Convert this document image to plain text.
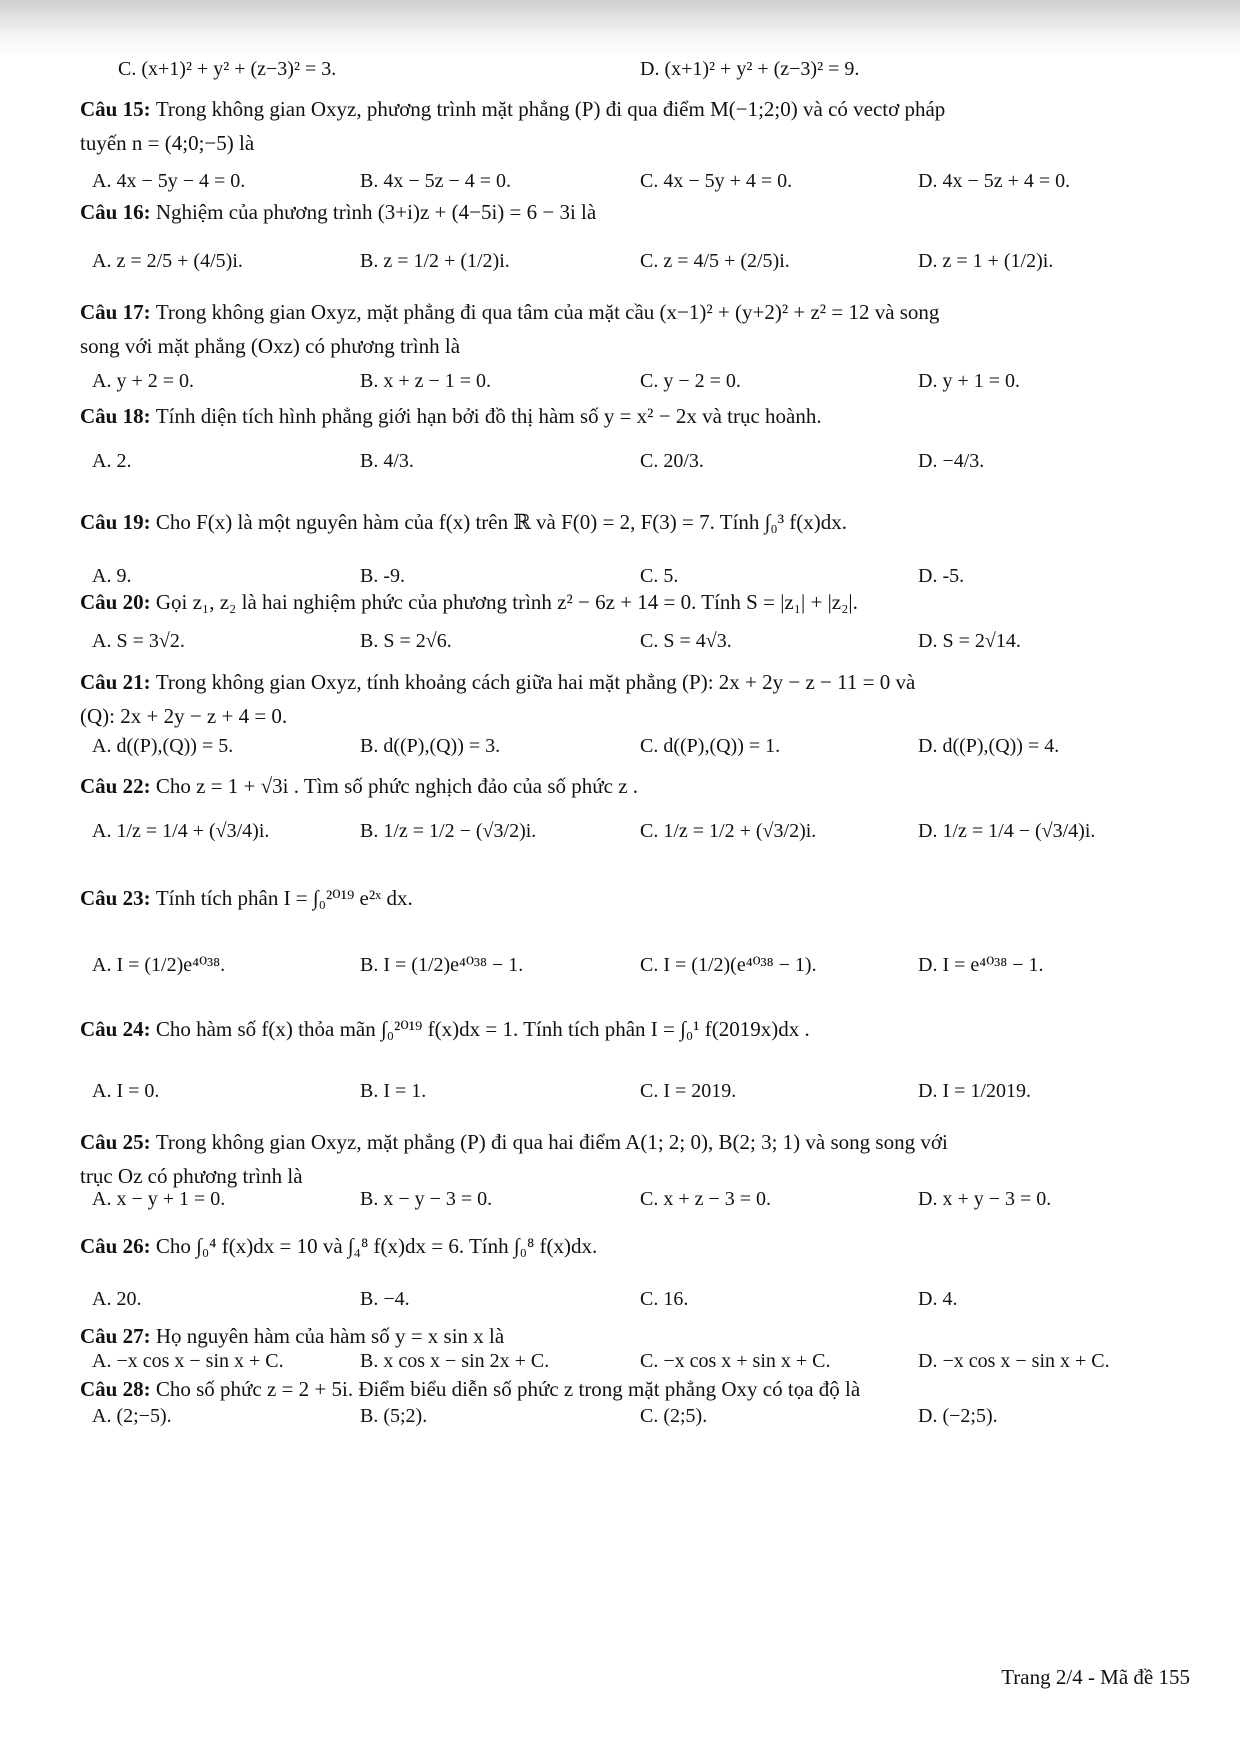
C. (x+1)² + y² + (z−3)² = 3.	D. (x+1)² + y² + (z−3)² = 9.
Câu 15: Trong không gian Oxyz, phương trình mặt phẳng (P) đi qua điểm M(−1;2;0) và có vectơ pháp
tuyến n = (4;0;−5) là
A. 4x − 5y − 4 = 0.	B. 4x − 5z − 4 = 0.	C. 4x − 5y + 4 = 0.	D. 4x − 5z + 4 = 0.
Câu 16: Nghiệm của phương trình (3+i)z + (4−5i) = 6 − 3i là
A. z = 2/5 + (4/5)i.	B. z = 1/2 + (1/2)i.	C. z = 4/5 + (2/5)i.	D. z = 1 + (1/2)i.
Câu 17: Trong không gian Oxyz, mặt phẳng đi qua tâm của mặt cầu (x−1)² + (y+2)² + z² = 12 và song
song với mặt phẳng (Oxz) có phương trình là
A. y + 2 = 0.	B. x + z − 1 = 0.	C. y − 2 = 0.	D. y + 1 = 0.
Câu 18: Tính diện tích hình phẳng giới hạn bởi đồ thị hàm số y = x² − 2x và trục hoành.
A. 2.	B. 4/3.	C. 20/3.	D. −4/3.
Câu 19: Cho F(x) là một nguyên hàm của f(x) trên ℝ và F(0) = 2, F(3) = 7. Tính ∫₀³ f(x)dx.
A. 9.	B. -9.	C. 5.	D. -5.
Câu 20: Gọi z₁, z₂ là hai nghiệm phức của phương trình z² − 6z + 14 = 0. Tính S = |z₁| + |z₂|.
A. S = 3√2.	B. S = 2√6.	C. S = 4√3.	D. S = 2√14.
Câu 21: Trong không gian Oxyz, tính khoảng cách giữa hai mặt phẳng (P): 2x + 2y − z − 11 = 0 và
(Q): 2x + 2y − z + 4 = 0.
A. d((P),(Q)) = 5.	B. d((P),(Q)) = 3.	C. d((P),(Q)) = 1.	D. d((P),(Q)) = 4.
Câu 22: Cho z = 1 + √3i . Tìm số phức nghịch đảo của số phức z .
A. 1/z = 1/4 + (√3/4)i.	B. 1/z = 1/2 − (√3/2)i.	C. 1/z = 1/2 + (√3/2)i.	D. 1/z = 1/4 − (√3/4)i.
Câu 23: Tính tích phân I = ∫₀²⁰¹⁹ e²ˣ dx.
A. I = (1/2)e⁴⁰³⁸.	B. I = (1/2)e⁴⁰³⁸ − 1.	C. I = (1/2)(e⁴⁰³⁸ − 1).	D. I = e⁴⁰³⁸ − 1.
Câu 24: Cho hàm số f(x) thỏa mãn ∫₀²⁰¹⁹ f(x)dx = 1. Tính tích phân I = ∫₀¹ f(2019x)dx .
A. I = 0.	B. I = 1.	C. I = 2019.	D. I = 1/2019.
Câu 25: Trong không gian Oxyz, mặt phẳng (P) đi qua hai điểm A(1; 2; 0), B(2; 3; 1) và song song với
trục Oz có phương trình là
A. x − y + 1 = 0.	B. x − y − 3 = 0.	C. x + z − 3 = 0.	D. x + y − 3 = 0.
Câu 26: Cho ∫₀⁴ f(x)dx = 10 và ∫₄⁸ f(x)dx = 6. Tính ∫₀⁸ f(x)dx.
A. 20.	B. −4.	C. 16.	D. 4.
Câu 27: Họ nguyên hàm của hàm số y = x sin x là
A. −x cos x − sin x + C.	B. x cos x − sin 2x + C.	C. −x cos x + sin x + C.	D. −x cos x − sin x + C.
Câu 28: Cho số phức z = 2 + 5i. Điểm biểu diễn số phức z trong mặt phẳng Oxy có tọa độ là
A. (2;−5).	B. (5;2).	C. (2;5).	D. (−2;5).
Trang 2/4 - Mã đề 155
